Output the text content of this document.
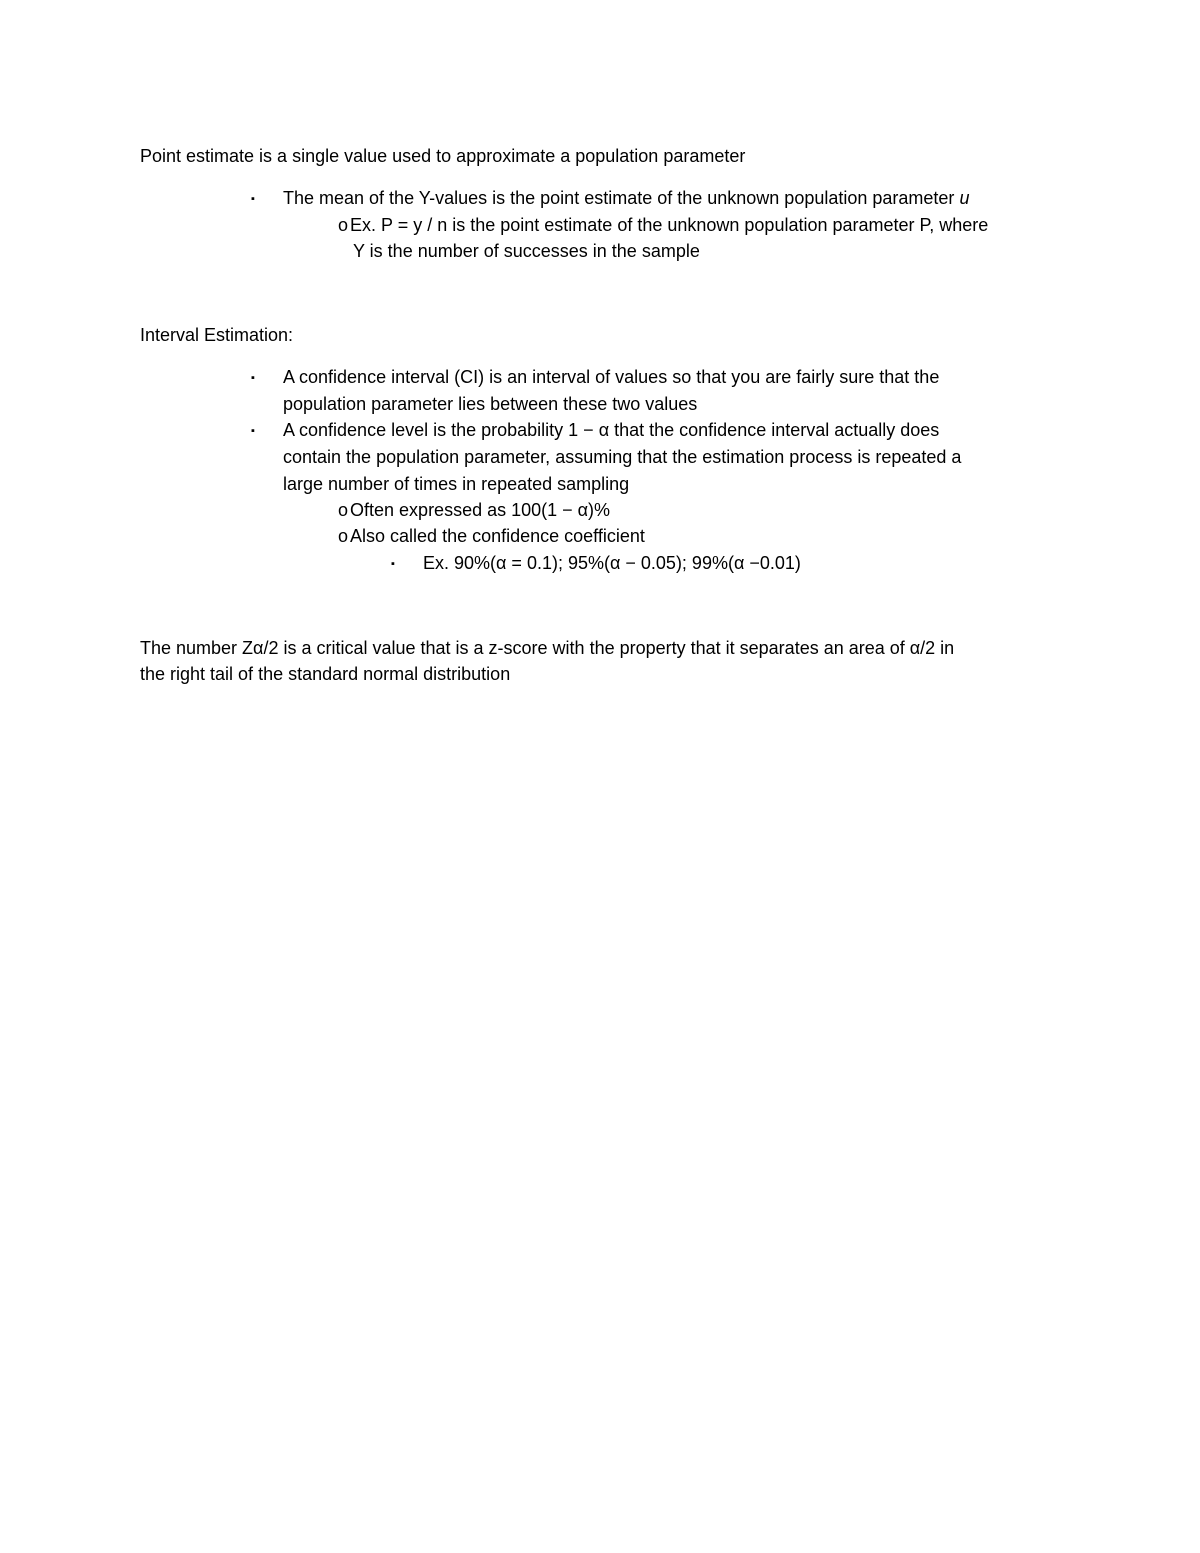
Point estimate is a single value used to approximate a population parameter
▪ The mean of the Y-values is the point estimate of the unknown population parameter u
o Ex. P = y / n is the point estimate of the unknown population parameter P, where
Y is the number of successes in the sample
Interval Estimation:
▪ A confidence interval (CI) is an interval of values so that you are fairly sure that the
population parameter lies between these two values
▪ A confidence level is the probability 1 − α that the confidence interval actually does
contain the population parameter, assuming that the estimation process is repeated a
large number of times in repeated sampling
o Often expressed as 100(1 − α)%
o Also called the confidence coefficient
▪ Ex. 90%(α = 0.1); 95%(α − 0.05); 99%(α −0.01)
The number Zα/2 is a critical value that is a z-score with the property that it separates an area of α/2 in
the right tail of the standard normal distribution
